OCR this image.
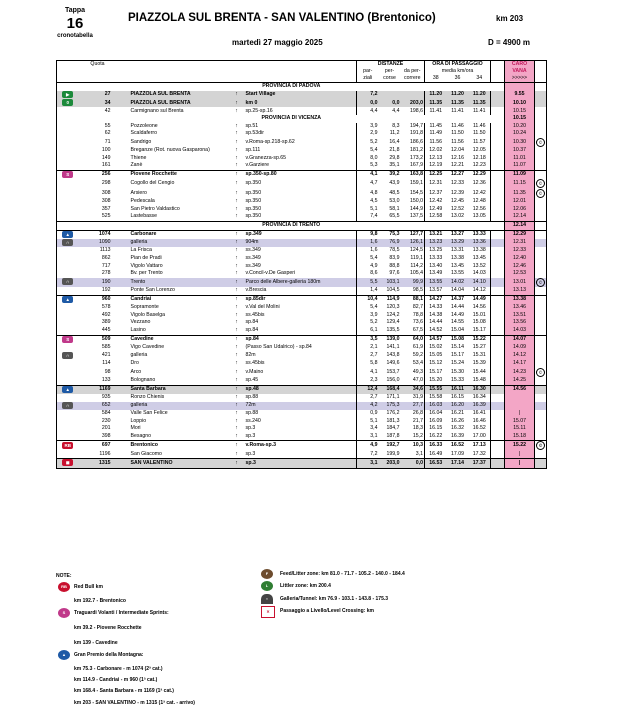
Tappa
16
cronotabella
PIAZZOLA SUL BRENTA - SAN VALENTINO (Brentonico)	km 203
martedì 27 maggio 2025	D = 4900 m
	Quota				DISTANZE			ORA DI PASSAGGIO				CARO	
					par-	per-	da per-	media km/ora				VANA	
					ziali	corse	correre	38	36	34		>>>>>	
	PROVINCIA DI PADOVA												
▶	27	PIAZZOLA SUL BRENTA	↑	Start Village	7,2			11.20	11.20	11.20		9.55	
0	34	PIAZZOLA SUL BRENTA	↑	km 0	0,0	0,0	203,0	11.35	11.35	11.35		10.10	
	42	Carmignano sul Brenta	↑	sp.25-sp.16	4,4	4,4	198,6	11.41	11.41	11.41		10.15	
	PROVINCIA DI VICENZA											10.15	
	55	Pozzoleone	↑	sp.51	3,9	8,3	194,7	11.45	11.46	11.46		10.20	
	62	Scaldaferro	↑	sp.53dir	2,9	11,2	191,8	11.49	11.50	11.50		10.24	
	71	Sandrigo	↑	v.Roma-sp.218-sp.62	5,2	16,4	186,6	11.56	11.56	11.57		10.30	©
	100	Breganze (Rot. nuova Gasparona)	↑	sp.111	5,4	21,8	181,2	12.02	12.04	12.05		10.37	
	149	Thiene	↑	v.Granezza-sp.65	8,0	29,8	173,2	12.13	12.16	12.18		11.01	
	161	Zanè	↑	v.Garziere	5,3	35,1	167,9	12.19	12.21	12.23		11.07	
S	256	Piovene Rocchette	↑	sp.350-sp.80	4,1	39,2	163,8	12.25	12.27	12.29		11.09	
	298	Cogollo del Cengio	↑	sp.350	4,7	43,9	159,1	12.31	12.33	12.36		11.15	©
	308	Arsiero	↑	sp.350	4,8	48,5	154,5	12.37	12.39	12.42		11.35	©
	308	Pedescala	↑	sp.350	4,5	53,0	150,0	12.42	12.45	12.48		12.01	
	357	San Pietro Valdastico	↑	sp.350	5,1	58,1	144,9	12.49	12.52	12.56		12.06	
	525	Lastebasse	↑	sp.350	7,4	65,5	137,5	12.58	13.02	13.05		12.14	
	PROVINCIA DI TRENTO											12.14	
▲	1074	Carbonare	↑	sp.349	9,8	75,3	127,7	13.21	13.27	13.33		12.29	
∩	1090	galleria	↑	904m	1,6	76,9	126,1	13.23	13.29	13.36		12.31	
	1113	La Frisca	↑	ss.349	1,6	78,5	124,5	13.25	13.31	13.38		12.33	
	862	Pian de Pradi	↑	ss.349	5,4	83,9	119,1	13.33	13.38	13.45		12.40	
	717	Vigolo Vattaro	↑	ss.349	4,9	88,8	114,2	13.40	13.45	13.52		12.46	
	278	Bv. per Trento	↑	v.Concil-v.De Gasperi	8,6	97,6	105,4	13.49	13.55	14.03		12.53	
∩	190	Trento	↑	Parco delle Albere-galleria 180m	5,5	103,1	99,9	13.55	14.02	14.10		13.01	©
	192	Ponte San Lorenzo	↑	v.Brescia	1,4	104,5	98,5	13.57	14.04	14.12		13.13	
▲	960	Candriai	↑	sp.85dir	10,4	114,9	88,1	14.27	14.37	14.49		13.38	
	578	Sopramonte	↑	v.Val del Molini	5,4	120,3	82,7	14.33	14.44	14.56		13.46	
	492	Vigolo Baselga	↑	ss.45bis	3,9	124,2	78,8	14.38	14.49	15.01		13.51	
	389	Vezzano	↑	sp.84	5,2	129,4	73,6	14.44	14.55	15.08		13.56	
	445	Lasino	↑	sp.84	6,1	135,5	67,5	14.52	15.04	15.17		14.03	
S	509	Cavedine	↑	sp.84	3,5	139,0	64,0	14.57	15.08	15.22		14.07	
	585	Vigo Cavedine	↑	(Passo San Udalrico) - sp.84	2,1	141,1	61,9	15.02	15.14	15.27		14.09	
∩	421	galleria	↑	82m	2,7	143,8	59,2	15.05	15.17	15.31		14.12	
	114	Dro	↑	ss.45bis	5,8	149,6	53,4	15.12	15.24	15.39		14.17	
	98	Arco	↑	v.Maino	4,1	153,7	49,3	15.17	15.30	15.44		14.23	©
	133	Bolognano	↑	sp.45	2,3	156,0	47,0	15.20	15.33	15.48		14.25	
▲	1169	Santa Barbara	↑	sp.48	12,4	168,4	34,6	15.55	16.11	16.30		14.56	
	935	Ronzo Chienis	↑	sp.88	2,7	171,1	31,9	15.58	16.15	16.34			
∩	652	galleria	↑	72m	4,2	175,3	27,7	16.03	16.20	16.39			
	584	Valle San Felice	↑	sp.88	0,9	176,2	26,8	16.04	16.21	16.41		|	
	230	Loppio	↑	ss.240	5,1	181,3	21,7	16.09	16.26	16.46		15.07	
	201	Mori	↑	sp.3	3,4	184,7	18,3	16.15	16.32	16.52		15.11	
	398	Besagno	↑	sp.3	3,1	187,8	15,2	16.22	16.39	17.00		15.18	
RB	697	Brentonico	↑	v.Roma-sp.3	4,9	192,7	10,3	16.33	16.52	17.13		15.22	©
	1196	San Giacomo	↑	sp.3	7,2	199,9	3,1	16.49	17.09	17.32		|	
◼	1315	SAN VALENTINO	↑	sp.3	3,1	203,0	0,0	16.53	17.14	17.37		|	
NOTE:
RB	Red Bull km
km 192.7 - Brentonico
S	Traguardi Volanti / Intermediate Sprints:
km 39.2 - Piovene Rocchette
km 139 - Cavedine
▲	Gran Premio della Montagna:
km 75.3 - Carbonare - m 1074 (2ª cat.)
km 114.9 - Candriai - m 960 (1ª cat.)
km 168.4 - Santa Barbara - m 1169 (1ª cat.)
km 203 - SAN VALENTINO - m 1315 (1ª cat. - arrivo)
F	Feed/Litter zone: km 81.0 - 71.7 - 105.2 - 140.0 - 184.4
L	Littler zone: km 200.4
∩	Galleria/Tunnel: km 76.9 - 103.1 - 143.8 - 175.3
✕	Passaggio a Livello/Level Crossing: km
